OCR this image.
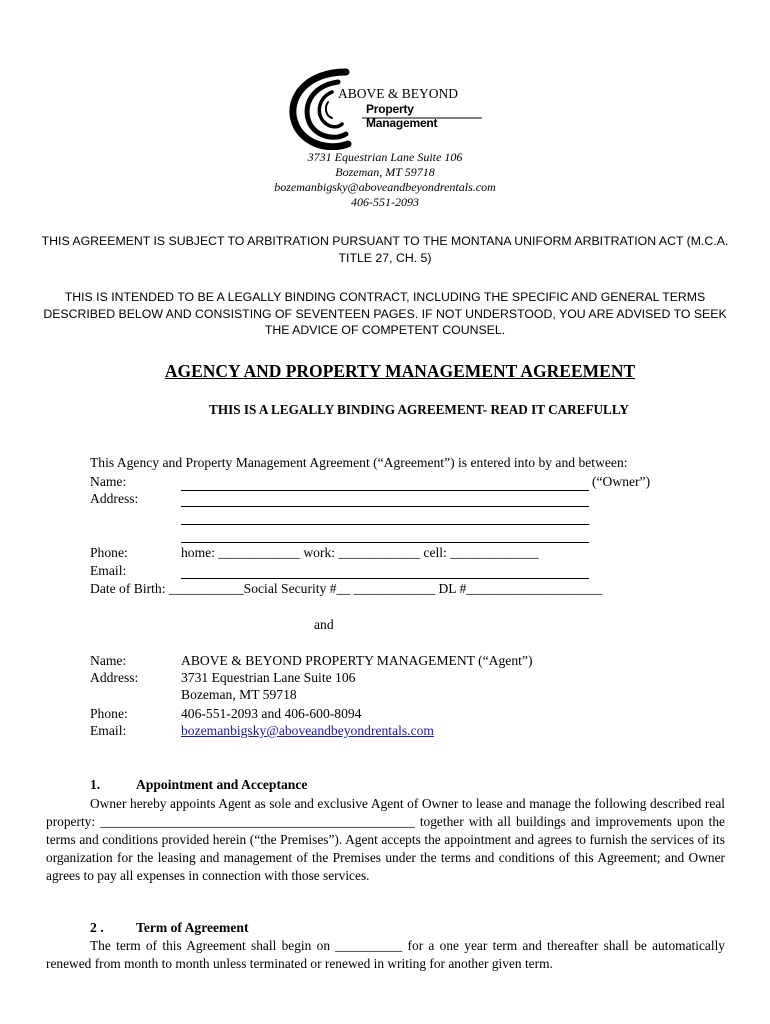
ABOVE & BEYOND
Property Management
3731 Equestrian Lane Suite 106
Bozeman, MT 59718
bozemanbigsky@aboveandbeyondrentals.com
406-551-2093
THIS AGREEMENT IS SUBJECT TO ARBITRATION PURSUANT TO THE MONTANA UNIFORM ARBITRATION ACT (M.C.A. TITLE 27, CH. 5)
THIS IS INTENDED TO BE A LEGALLY BINDING CONTRACT, INCLUDING THE SPECIFIC AND GENERAL TERMS DESCRIBED BELOW AND CONSISTING OF SEVENTEEN PAGES. IF NOT UNDERSTOOD, YOU ARE ADVISED TO SEEK THE ADVICE OF COMPETENT COUNSEL.
AGENCY AND PROPERTY MANAGEMENT AGREEMENT
THIS IS A LEGALLY BINDING AGREEMENT- READ IT CAREFULLY
This Agency and Property Management Agreement (“Agreement”) is entered into by and between:
Name:	(“Owner”)
Address:
Phone:	home: ____________ work: ____________ cell: _____________
Email:
Date of Birth: ___________Social Security #__ ____________ DL #____________________
and
Name:	ABOVE & BEYOND PROPERTY MANAGEMENT (“Agent”)
Address:	3731 Equestrian Lane Suite 106
Bozeman, MT 59718
Phone:	406-551-2093 and 406-600-8094
Email:	bozemanbigsky@aboveandbeyondrentals.com
1.	Appointment and Acceptance
Owner hereby appoints Agent as sole and exclusive Agent of Owner to lease and manage the following described real property: _______________________________________________ together with all buildings and improvements upon the terms and conditions provided herein (“the Premises”). Agent accepts the appointment and agrees to furnish the services of its organization for the leasing and management of the Premises under the terms and conditions of this Agreement; and Owner agrees to pay all expenses in connection with those services.
2 . Term of Agreement
The term of this Agreement shall begin on __________ for a one year term and thereafter shall be automatically renewed from month to month unless terminated or renewed in writing for another given term.
